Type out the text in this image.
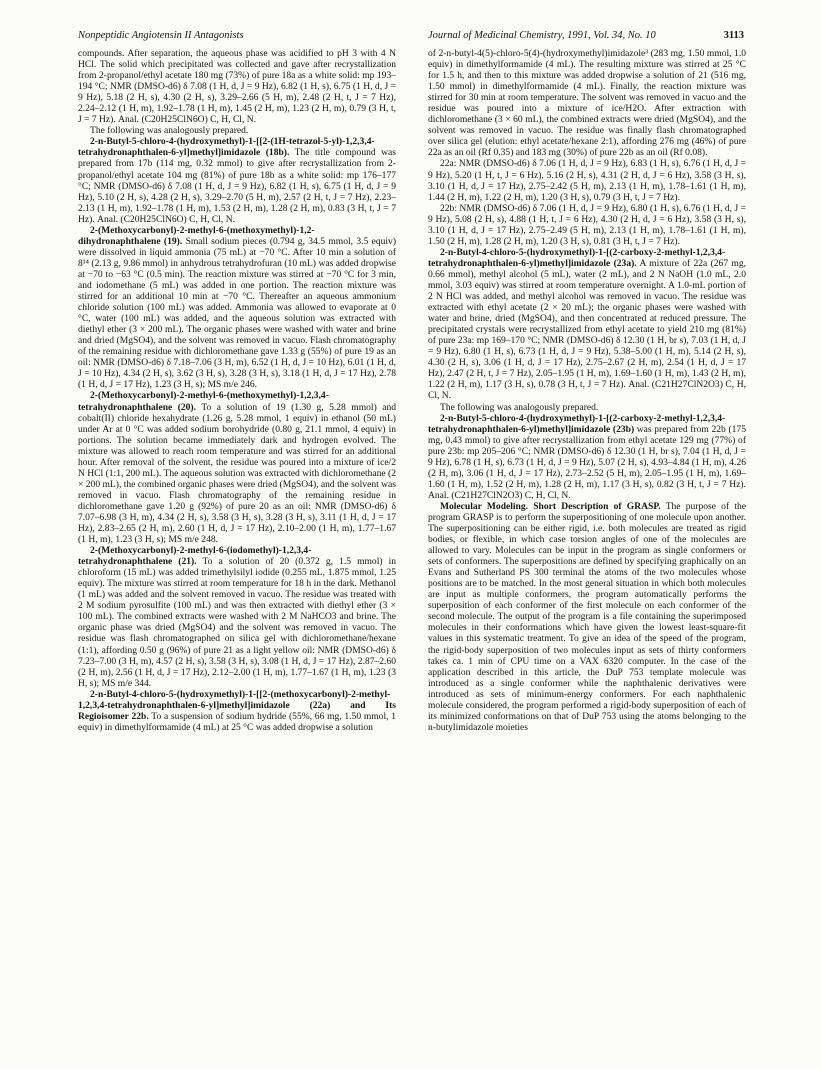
Nonpeptidic Angiotensin II Antagonists	Journal of Medicinal Chemistry, 1991, Vol. 34, No. 10	3113

compounds. After separation, the aqueous phase was acidified to pH 3 with 4 N HCl. The solid which precipitated was collected and gave after recrystallization from 2-propanol/ethyl acetate 180 mg (73%) of pure 18a as a white solid: mp 193–194 °C; NMR (DMSO-d6) δ 7.08 (1 H, d, J = 9 Hz), 6.82 (1 H, s), 6.75 (1 H, d, J = 9 Hz), 5.18 (2 H, s), 4.30 (2 H, s), 3.29–2.66 (5 H, m), 2.48 (2 H, t, J = 7 Hz), 2.24–2.12 (1 H, m), 1.92–1.78 (1 H, m), 1.45 (2 H, m), 1.23 (2 H, m), 0.79 (3 H, t, J = 7 Hz). Anal. (C20H25ClN6O) C, H, Cl, N.

The following was analogously prepared.

2-n-Butyl-5-chloro-4-(hydroxymethyl)-1-[[2-(1H-tetrazol-5-yl)-1,2,3,4-tetrahydronaphthalen-6-yl]methyl]imidazole (18b). The title compound was prepared from 17b (114 mg, 0.32 mmol) to give after recrystallization from 2-propanol/ethyl acetate 104 mg (81%) of pure 18b as a white solid: mp 176–177 °C; NMR (DMSO-d6) δ 7.08 (1 H, d, J = 9 Hz), 6.82 (1 H, s), 6.75 (1 H, d, J = 9 Hz), 5.10 (2 H, s), 4.28 (2 H, s), 3.29–2.70 (5 H, m), 2.57 (2 H, t, J = 7 Hz), 2.23–2.13 (1 H, m), 1.92–1.78 (1 H, m), 1.53 (2 H, m), 1.28 (2 H, m), 0.83 (3 H, t, J = 7 Hz). Anal. (C20H25ClN6O) C, H, Cl, N.

2-(Methoxycarbonyl)-2-methyl-6-(methoxymethyl)-1,2-dihydronaphthalene (19). Small sodium pieces (0.794 g, 34.5 mmol, 3.5 equiv) were dissolved in liquid ammonia (75 mL) at −70 °C. After 10 min a solution of 8¹⁴ (2.13 g, 9.86 mmol) in anhydrous tetrahydrofuran (10 mL) was added dropwise at −70 to −63 °C (0.5 min). The reaction mixture was stirred at −70 °C for 3 min, and iodomethane (5 mL) was added in one portion. The reaction mixture was stirred for an additional 10 min at −70 °C. Thereafter an aqueous ammonium chloride solution (100 mL) was added. Ammonia was allowed to evaporate at 0 °C, water (100 mL) was added, and the aqueous solution was extracted with diethyl ether (3 × 200 mL). The organic phases were washed with water and brine and dried (MgSO4), and the solvent was removed in vacuo. Flash chromatography of the remaining residue with dichloromethane gave 1.33 g (55%) of pure 19 as an oil: NMR (DMSO-d6) δ 7.18–7.06 (3 H, m), 6.52 (1 H, d, J = 10 Hz), 6.01 (1 H, d, J = 10 Hz), 4.34 (2 H, s), 3.62 (3 H, s), 3.28 (3 H, s), 3.18 (1 H, d, J = 17 Hz), 2.78 (1 H, d, J = 17 Hz), 1.23 (3 H, s); MS m/e 246.

2-(Methoxycarbonyl)-2-methyl-6-(methoxymethyl)-1,2,3,4-tetrahydronaphthalene (20). To a solution of 19 (1.30 g, 5.28 mmol) and cobalt(II) chloride hexahydrate (1.26 g, 5.28 mmol, 1 equiv) in ethanol (50 mL) under Ar at 0 °C was added sodium borohydride (0.80 g, 21.1 mmol, 4 equiv) in portions. The solution became immediately dark and hydrogen evolved. The mixture was allowed to reach room temperature and was stirred for an additional hour. After removal of the solvent, the residue was poured into a mixture of ice/2 N HCl (1:1, 200 mL). The aqueous solution was extracted with dichloromethane (2 × 200 mL), the combined organic phases were dried (MgSO4), and the solvent was removed in vacuo. Flash chromatography of the remaining residue in dichloromethane gave 1.20 g (92%) of pure 20 as an oil: NMR (DMSO-d6) δ 7.07–6.98 (3 H, m), 4.34 (2 H, s), 3.58 (3 H, s), 3.28 (3 H, s), 3.11 (1 H, d, J = 17 Hz), 2.83–2.65 (2 H, m), 2.60 (1 H, d, J = 17 Hz), 2.10–2.00 (1 H, m), 1.77–1.67 (1 H, m), 1.23 (3 H, s); MS m/e 248.

2-(Methoxycarbonyl)-2-methyl-6-(iodomethyl)-1,2,3,4-tetrahydronaphthalene (21). To a solution of 20 (0.372 g, 1.5 mmol) in chloroform (15 mL) was added trimethylsilyl iodide (0.255 mL, 1.875 mmol, 1.25 equiv). The mixture was stirred at room temperature for 18 h in the dark. Methanol (1 mL) was added and the solvent removed in vacuo. The residue was treated with 2 M sodium pyrosulfite (100 mL) and was then extracted with diethyl ether (3 × 100 mL). The combined extracts were washed with 2 M NaHCO3 and brine. The organic phase was dried (MgSO4) and the solvent was removed in vacuo. The residue was flash chromatographed on silica gel with dichloromethane/hexane (1:1), affording 0.50 g (96%) of pure 21 as a light yellow oil: NMR (DMSO-d6) δ 7.23–7.00 (3 H, m), 4.57 (2 H, s), 3.58 (3 H, s), 3.08 (1 H, d, J = 17 Hz), 2.87–2.60 (2 H, m), 2.56 (1 H, d, J = 17 Hz), 2.12–2.00 (1 H, m), 1.77–1.67 (1 H, m), 1.23 (3 H, s); MS m/e 344.

2-n-Butyl-4-chloro-5-(hydroxymethyl)-1-[[2-(methoxycarbonyl)-2-methyl-1,2,3,4-tetrahydronaphthalen-6-yl]methyl]imidazole (22a) and Its Regioisomer 22b. To a suspension of sodium hydride (55%, 66 mg, 1.50 mmol, 1 equiv) in dimethylformamide (4 mL) at 25 °C was added dropwise a solution

of 2-n-butyl-4(5)-chloro-5(4)-(hydroxymethyl)imidazole³ (283 mg, 1.50 mmol, 1.0 equiv) in dimethylformamide (4 mL). The resulting mixture was stirred at 25 °C for 1.5 h, and then to this mixture was added dropwise a solution of 21 (516 mg, 1.50 mmol) in dimethylformamide (4 mL). Finally, the reaction mixture was stirred for 30 min at room temperature. The solvent was removed in vacuo and the residue was poured into a mixture of ice/H2O. After extraction with dichloromethane (3 × 60 mL), the combined extracts were dried (MgSO4), and the solvent was removed in vacuo. The residue was finally flash chromatographed over silica gel (elution: ethyl acetate/hexane 2:1), affording 276 mg (46%) of pure 22a as an oil (Rf 0.35) and 183 mg (30%) of pure 22b as an oil (Rf 0.08).

22a: NMR (DMSO-d6) δ 7.06 (1 H, d, J = 9 Hz), 6.83 (1 H, s), 6.76 (1 H, d, J = 9 Hz), 5.20 (1 H, t, J = 6 Hz), 5.16 (2 H, s), 4.31 (2 H, d, J = 6 Hz), 3.58 (3 H, s), 3.10 (1 H, d, J = 17 Hz), 2.75–2.42 (5 H, m), 2.13 (1 H, m), 1.78–1.61 (1 H, m), 1.44 (2 H, m), 1.22 (2 H, m), 1.20 (3 H, s), 0.79 (3 H, t, J = 7 Hz).

22b: NMR (DMSO-d6) δ 7.06 (1 H, d, J = 9 Hz), 6.80 (1 H, s), 6.76 (1 H, d, J = 9 Hz), 5.08 (2 H, s), 4.88 (1 H, t, J = 6 Hz), 4.30 (2 H, d, J = 6 Hz), 3.58 (3 H, s), 3.10 (1 H, d, J = 17 Hz), 2.75–2.49 (5 H, m), 2.13 (1 H, m), 1.78–1.61 (1 H, m), 1.50 (2 H, m), 1.28 (2 H, m), 1.20 (3 H, s), 0.81 (3 H, t, J = 7 Hz).

2-n-Butyl-4-chloro-5-(hydroxymethyl)-1-[(2-carboxy-2-methyl-1,2,3,4-tetrahydronaphthalen-6-yl)methyl]imidazole (23a). A mixture of 22a (267 mg, 0.66 mmol), methyl alcohol (5 mL), water (2 mL), and 2 N NaOH (1.0 mL, 2.0 mmol, 3.03 equiv) was stirred at room temperature overnight. A 1.0-mL portion of 2 N HCl was added, and methyl alcohol was removed in vacuo. The residue was extracted with ethyl acetate (2 × 20 mL); the organic phases were washed with water and brine, dried (MgSO4), and then concentrated at reduced pressure. The precipitated crystals were recrystallized from ethyl acetate to yield 210 mg (81%) of pure 23a: mp 169–170 °C; NMR (DMSO-d6) δ 12.30 (1 H, br s), 7.03 (1 H, d, J = 9 Hz), 6.80 (1 H, s), 6.73 (1 H, d, J = 9 Hz), 5.38–5.00 (1 H, m), 5.14 (2 H, s), 4.30 (2 H, s), 3.06 (1 H, d, J = 17 Hz), 2.75–2.67 (2 H, m), 2.54 (1 H, d, J = 17 Hz), 2.47 (2 H, t, J = 7 Hz), 2.05–1.95 (1 H, m), 1.69–1.60 (1 H, m), 1.43 (2 H, m), 1.22 (2 H, m), 1.17 (3 H, s), 0.78 (3 H, t, J = 7 Hz). Anal. (C21H27ClN2O3) C, H, Cl, N.

The following was analogously prepared.

2-n-Butyl-5-chloro-4-(hydroxymethyl)-1-[(2-carboxy-2-methyl-1,2,3,4-tetrahydronaphthalen-6-yl)methyl]imidazole (23b) was prepared from 22b (175 mg, 0.43 mmol) to give after recrystallization from ethyl acetate 129 mg (77%) of pure 23b: mp 205–206 °C; NMR (DMSO-d6) δ 12.30 (1 H, br s), 7.04 (1 H, d, J = 9 Hz), 6.78 (1 H, s), 6.73 (1 H, d, J = 9 Hz), 5.07 (2 H, s), 4.93–4.84 (1 H, m), 4.26 (2 H, m), 3.06 (1 H, d, J = 17 Hz), 2.73–2.52 (5 H, m), 2.05–1.95 (1 H, m), 1.69–1.60 (1 H, m), 1.52 (2 H, m), 1.28 (2 H, m), 1.17 (3 H, s), 0.82 (3 H, t, J = 7 Hz). Anal. (C21H27ClN2O3) C, H, Cl, N.

Molecular Modeling. Short Description of GRASP. The purpose of the program GRASP is to perform the superpositioning of one molecule upon another. The superpositioning can be either rigid, i.e. both molecules are treated as rigid bodies, or flexible, in which case torsion angles of one of the molecules are allowed to vary. Molecules can be input in the program as single conformers or sets of conformers. The superpositions are defined by specifying graphically on an Evans and Sutherland PS 300 terminal the atoms of the two molecules whose positions are to be matched. In the most general situation in which both molecules are input as multiple conformers, the program automatically performs the superposition of each conformer of the first molecule on each conformer of the second molecule. The output of the program is a file containing the superimposed molecules in their conformations which have given the lowest least-square-fit values in this systematic treatment. To give an idea of the speed of the program, the rigid-body superposition of two molecules input as sets of thirty conformers takes ca. 1 min of CPU time on a VAX 6320 computer. In the case of the application described in this article, the DuP 753 template molecule was introduced as a single conformer while the naphthalenic derivatives were introduced as sets of minimum-energy conformers. For each naphthalenic molecule considered, the program performed a rigid-body superposition of each of its minimized conformations on that of DuP 753 using the atoms belonging to the n-butylimidazole moieties
